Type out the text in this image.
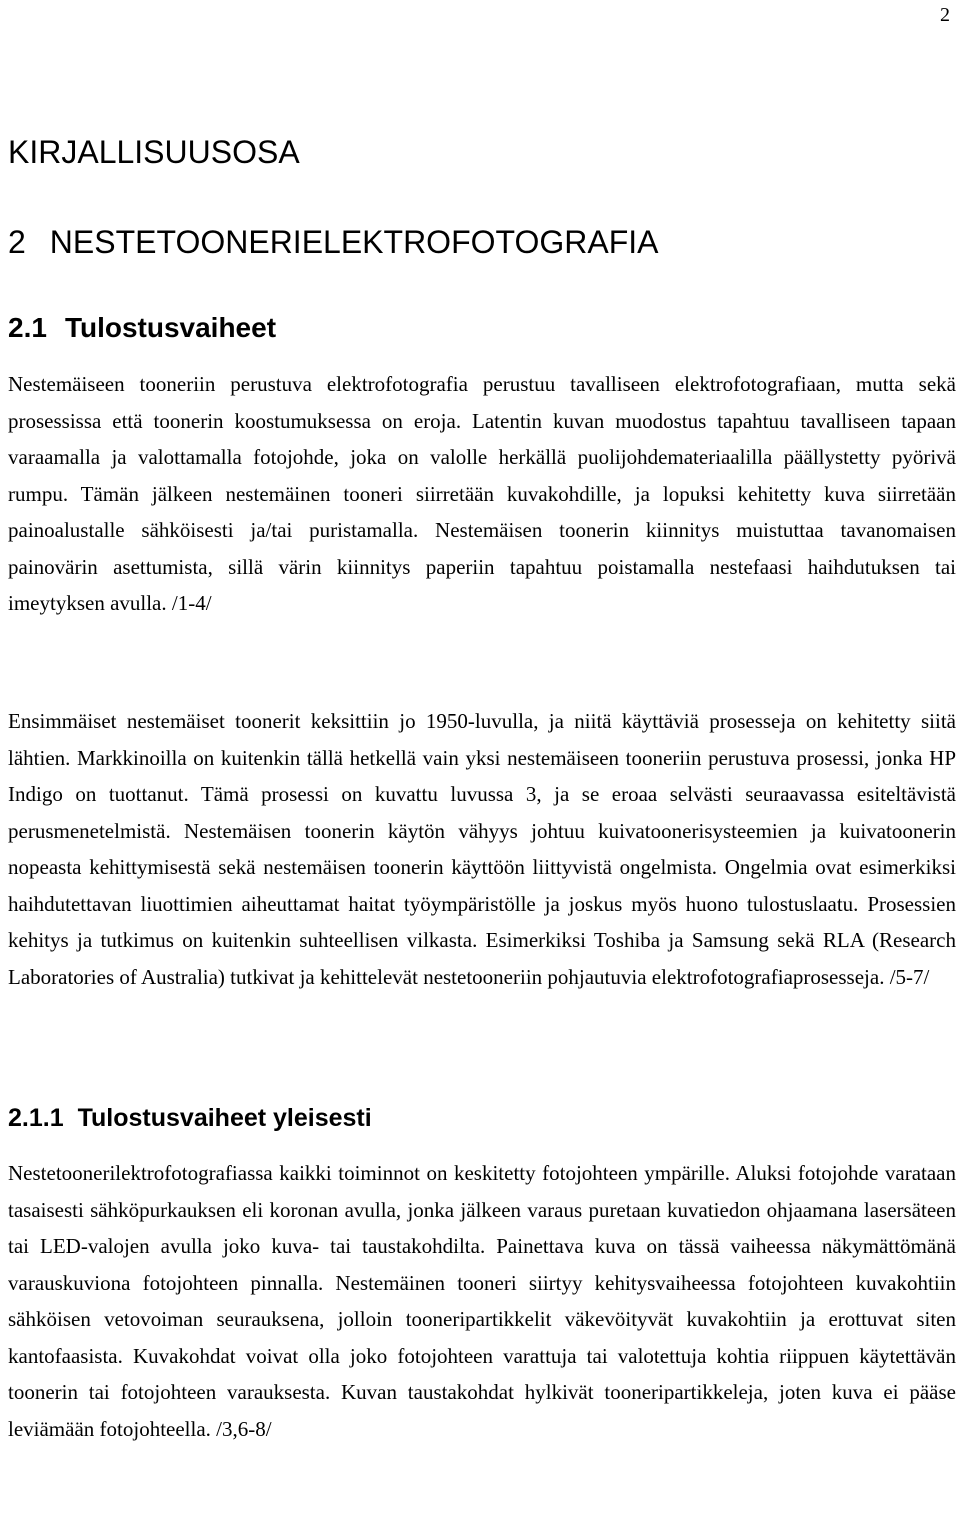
2
KIRJALLISUUSOSA
2 NESTETOONERIELEKTROFOTOGRAFIA
2.1 Tulostusvaiheet

Nestemäiseen tooneriin perustuva elektrofotografia perustuu tavalliseen elektrofotografiaan, mutta sekä prosessissa että toonerin koostumuksessa on eroja. Latentin kuvan muodostus tapahtuu tavalliseen tapaan varaamalla ja valottamalla fotojohde, joka on valolle herkällä puolijohdemateriaalilla päällystetty pyörivä rumpu. Tämän jälkeen nestemäinen tooneri siirretään kuvakohdille, ja lopuksi kehitetty kuva siirretään painoalustalle sähköisesti ja/tai puristamalla. Nestemäisen toonerin kiinnitys muistuttaa tavanomaisen painovärin asettumista, sillä värin kiinnitys paperiin tapahtuu poistamalla nestefaasi haihdutuksen tai imeytyksen avulla. /1-4/

Ensimmäiset nestemäiset toonerit keksittiin jo 1950-luvulla, ja niitä käyttäviä prosesseja on kehitetty siitä lähtien. Markkinoilla on kuitenkin tällä hetkellä vain yksi nestemäiseen tooneriin perustuva prosessi, jonka HP Indigo on tuottanut. Tämä prosessi on kuvattu luvussa 3, ja se eroaa selvästi seuraavassa esiteltävistä perusmenetelmistä. Nestemäisen toonerin käytön vähyys johtuu kuivatoonerisysteemien ja kuivatoonerin nopeasta kehittymisestä sekä nestemäisen toonerin käyttöön liittyvistä ongelmista. Ongelmia ovat esimerkiksi haihdutettavan liuottimien aiheuttamat haitat työympäristölle ja joskus myös huono tulostuslaatu. Prosessien kehitys ja tutkimus on kuitenkin suhteellisen vilkasta. Esimerkiksi Toshiba ja Samsung sekä RLA (Research Laboratories of Australia) tutkivat ja kehittelevät nestetooneriin pohjautuvia elektrofotografiaprosesseja. /5-7/

2.1.1 Tulostusvaiheet yleisesti

Nestetoonerilektrofotografiassa kaikki toiminnot on keskitetty fotojohteen ympärille. Aluksi fotojohde varataan tasaisesti sähköpurkauksen eli koronan avulla, jonka jälkeen varaus puretaan kuvatiedon ohjaamana lasersäteen tai LED-valojen avulla joko kuva- tai taustakohdilta. Painettava kuva on tässä vaiheessa näkymättömänä varauskuviona fotojohteen pinnalla. Nestemäinen tooneri siirtyy kehitysvaiheessa fotojohteen kuvakohtiin sähköisen vetovoiman seurauksena, jolloin tooneripartikkelit väkevöityvät kuvakohtiin ja erottuvat siten kantofaasista. Kuvakohdat voivat olla joko fotojohteen varattuja tai valotettuja kohtia riippuen käytettävän toonerin tai fotojohteen varauksesta. Kuvan taustakohdat hylkivät tooneripartikkeleja, joten kuva ei pääse leviämään fotojohteella. /3,6-8/
